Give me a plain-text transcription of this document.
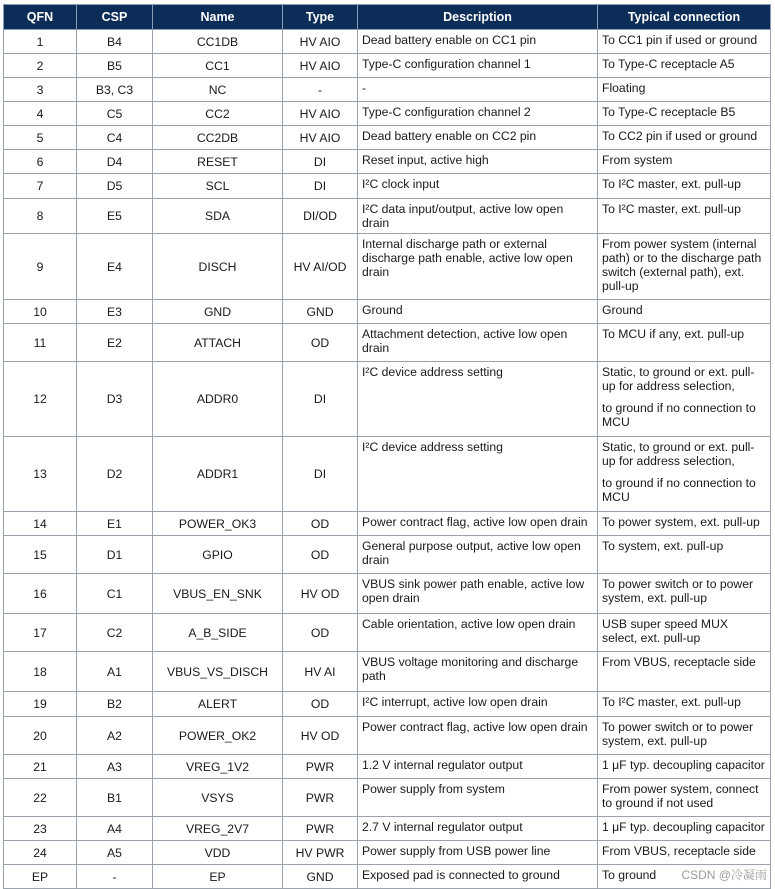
QFN	CSP	Name	Type	Description	Typical connection
1	B4	CC1DB	HV AIO	Dead battery enable on CC1 pin	To CC1 pin if used or ground

2	B5	CC1	HV AIO	Type-C configuration channel 1	To Type-C receptacle A5

3	B3, C3	NC	-	-	Floating

4	C5	CC2	HV AIO	Type-C configuration channel 2	To Type-C receptacle B5

5	C4	CC2DB	HV AIO	Dead battery enable on CC2 pin	To CC2 pin if used or ground

6	D4	RESET	DI	Reset input, active high	From system

7	D5	SCL	DI	I²C clock input	To I²C master, ext. pull-up

8	E5	SDA	DI/OD	I²C data input/output, active low open drain	To I²C master, ext. pull-up

9	E4	DISCH	HV AI/OD	Internal discharge path or external discharge path enable, active low open drain	From power system (internal path) or to the discharge path switch (external path), ext. pull-up

10	E3	GND	GND	Ground	Ground

11	E2	ATTACH	OD	Attachment detection, active low open drain	To MCU if any, ext. pull-up

12	D3	ADDR0	DI	I²C device address setting	Static, to ground or ext. pull-up for address selection,

to ground if no connection to MCU

13	D2	ADDR1	DI	I²C device address setting	Static, to ground or ext. pull-up for address selection,

to ground if no connection to MCU

14	E1	POWER_OK3	OD	Power contract flag, active low open drain	To power system, ext. pull-up

15	D1	GPIO	OD	General purpose output, active low open drain	To system, ext. pull-up

16	C1	VBUS_EN_SNK	HV OD	VBUS sink power path enable, active low open drain	To power switch or to power system, ext. pull-up

17	C2	A_B_SIDE	OD	Cable orientation, active low open drain	USB super speed MUX select, ext. pull-up

18	A1	VBUS_VS_DISCH	HV AI	VBUS voltage monitoring and discharge path	From VBUS, receptacle side

19	B2	ALERT	OD	I²C interrupt, active low open drain	To I²C master, ext. pull-up

20	A2	POWER_OK2	HV OD	Power contract flag, active low open drain	To power switch or to power system, ext. pull-up

21	A3	VREG_1V2	PWR	1.2 V internal regulator output	1 μF typ. decoupling capacitor

22	B1	VSYS	PWR	Power supply from system	From power system, connect to ground if not used

23	A4	VREG_2V7	PWR	2.7 V internal regulator output	1 μF typ. decoupling capacitor

24	A5	VDD	HV PWR	Power supply from USB power line	From VBUS, receptacle side

EP	-	EP	GND	Exposed pad is connected to ground	To ground	CSDN @冷凝雨
